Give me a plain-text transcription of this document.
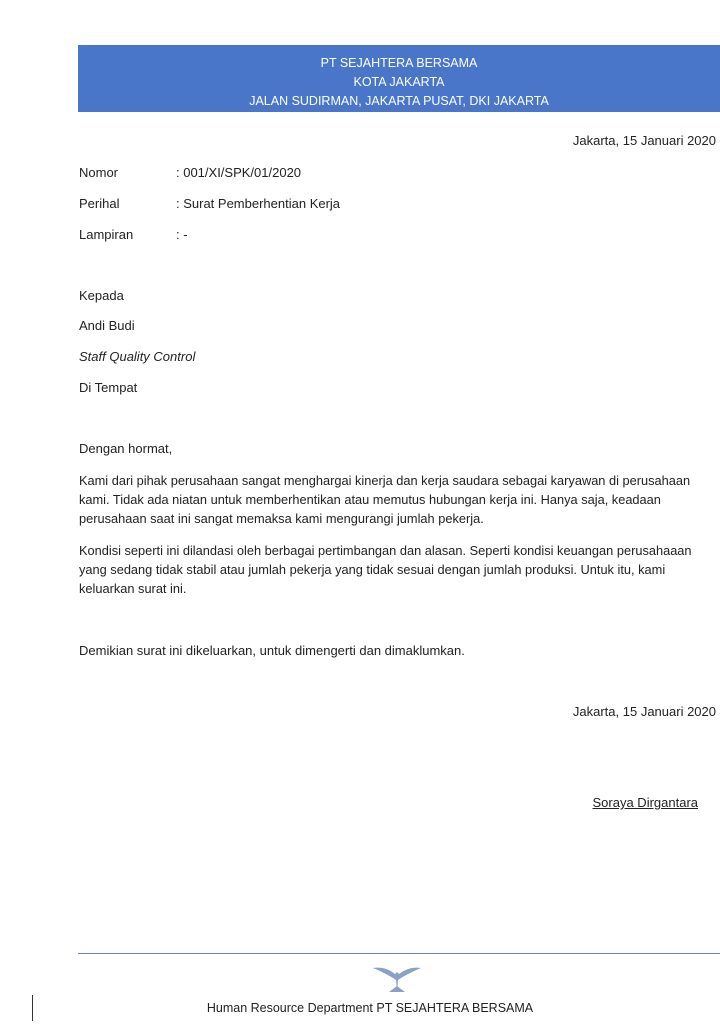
PT SEJAHTERA BERSAMA
KOTA JAKARTA
JALAN SUDIRMAN, JAKARTA PUSAT, DKI JAKARTA
Jakarta, 15 Januari 2020
Nomor	: 001/XI/SPK/01/2020
Perihal	: Surat Pemberhentian Kerja
Lampiran	: -
Kepada
Andi Budi
Staff Quality Control
Di Tempat
Dengan hormat,
Kami dari pihak perusahaan sangat menghargai kinerja dan kerja saudara sebagai karyawan di perusahaan kami. Tidak ada niatan untuk memberhentikan atau memutus hubungan kerja ini. Hanya saja, keadaan perusahaan saat ini sangat memaksa kami mengurangi jumlah pekerja.
Kondisi seperti ini dilandasi oleh berbagai pertimbangan dan alasan. Seperti kondisi keuangan perusahaaan yang sedang tidak stabil atau jumlah pekerja yang tidak sesuai dengan jumlah produksi. Untuk itu, kami keluarkan surat ini.
Demikian surat ini dikeluarkan, untuk dimengerti dan dimaklumkan.
Jakarta, 15 Januari 2020
Soraya Dirgantara
Human Resource Department PT SEJAHTERA BERSAMA
